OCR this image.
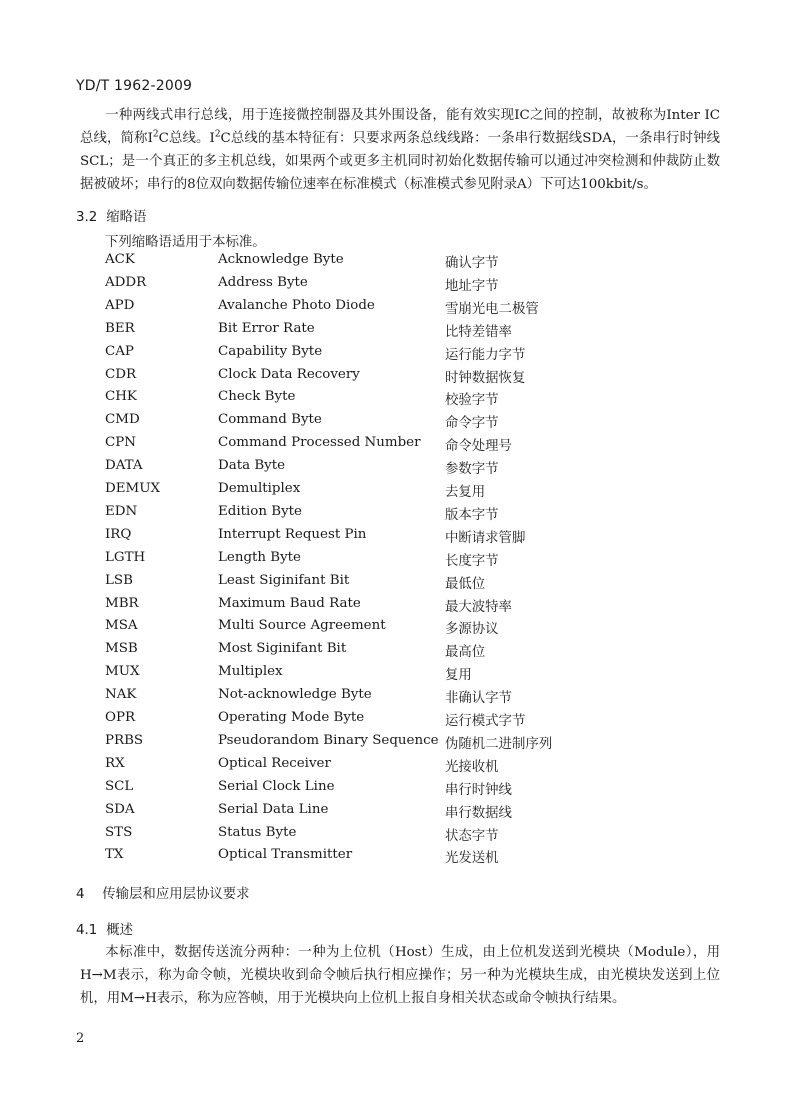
YD/T 1962-2009
一种两线式串行总线，用于连接微控制器及其外围设备，能有效实现IC之间的控制，故被称为Inter IC总线，简称$I^2C$总线。$I^2C$总线的基本特征有：只要求两条总线线路：一条串行数据线SDA，一条串行时钟线SCL；是一个真正的多主机总线，如果两个或更多主机同时初始化数据传输可以通过冲突检测和仲裁防止数据被破坏；串行的8位双向数据传输位速率在标准模式（标准模式参见附录A）下可达100kbit/s。
3.2 缩略语
下列缩略语适用于本标准。
ACK	Acknowledge Byte	确认字节
ADDR	Address Byte	地址字节
APD	Avalanche Photo Diode	雪崩光电二极管
BER	Bit Error Rate	比特差错率
CAP	Capability Byte	运行能力字节
CDR	Clock Data Recovery	时钟数据恢复
CHK	Check Byte	校验字节
CMD	Command Byte	命令字节
CPN	Command Processed Number 命令处理号
DATA	Data Byte	参数字节
DEMUX	Demultiplex	去复用
EDN	Edition Byte	版本字节
IRQ	Interrupt Request Pin	中断请求管脚
LGTH	Length Byte	长度字节
LSB	Least Siginifant Bit	最低位
MBR	Maximum Baud Rate	最大波特率
MSA	Multi Source Agreement	多源协议
MSB	Most Siginifant Bit	最高位
MUX	Multiplex	复用
NAK	Not-acknowledge Byte	非确认字节
OPR	Operating Mode Byte	运行模式字节
PRBS	Pseudorandom Binary Sequence 伪随机二进制序列
RX	Optical Receiver	光接收机
SCL	Serial Clock Line	串行时钟线
SDA	Serial Data Line	串行数据线
STS	Status Byte	状态字节
TX	Optical Transmitter	光发送机
4 传输层和应用层协议要求
4.1 概述
本标准中，数据传送流分两种：一种为上位机（Host）生成，由上位机发送到光模块（Module），用H→M表示，称为命令帧，光模块收到命令帧后执行相应操作；另一种为光模块生成，由光模块发送到上位机，用M→H表示，称为应答帧，用于光模块向上位机上报自身相关状态或命令帧执行结果。
2
